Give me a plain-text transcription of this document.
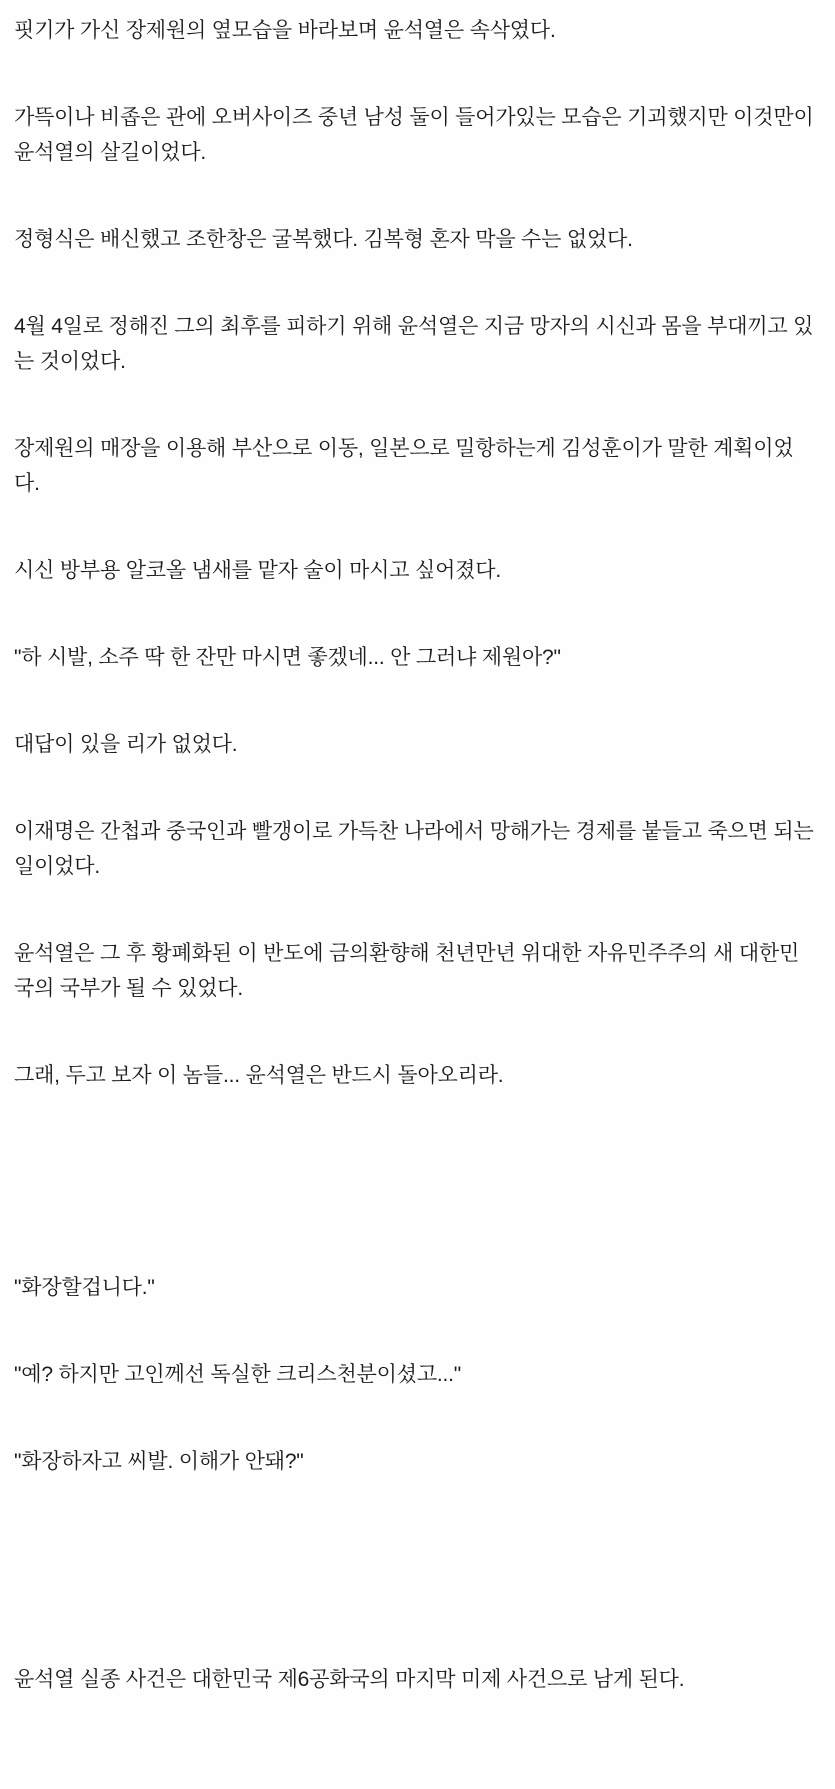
핏기가 가신 장제원의 옆모습을 바라보며 윤석열은 속삭였다.

가뜩이나 비좁은 관에 오버사이즈 중년 남성 둘이 들어가있는 모습은 기괴했지만 이것만이 윤석열의 살길이었다.

정형식은 배신했고 조한창은 굴복했다. 김복형 혼자 막을 수는 없었다.

4월 4일로 정해진 그의 최후를 피하기 위해 윤석열은 지금 망자의 시신과 몸을 부대끼고 있는 것이었다.

장제원의 매장을 이용해 부산으로 이동, 일본으로 밀항하는게 김성훈이가 말한 계획이었다.

시신 방부용 알코올 냄새를 맡자 술이 마시고 싶어졌다.

"하 시발, 소주 딱 한 잔만 마시면 좋겠네... 안 그러냐 제원아?"

대답이 있을 리가 없었다.

이재명은 간첩과 중국인과 빨갱이로 가득찬 나라에서 망해가는 경제를 붙들고 죽으면 되는 일이었다.

윤석열은 그 후 황폐화된 이 반도에 금의환향해 천년만년 위대한 자유민주주의 새 대한민국의 국부가 될 수 있었다.

그래, 두고 보자 이 놈들... 윤석열은 반드시 돌아오리라.

"화장할겁니다."

"예? 하지만 고인께선 독실한 크리스천분이셨고..."

"화장하자고 씨발. 이해가 안돼?"

윤석열 실종 사건은 대한민국 제6공화국의 마지막 미제 사건으로 남게 된다.
